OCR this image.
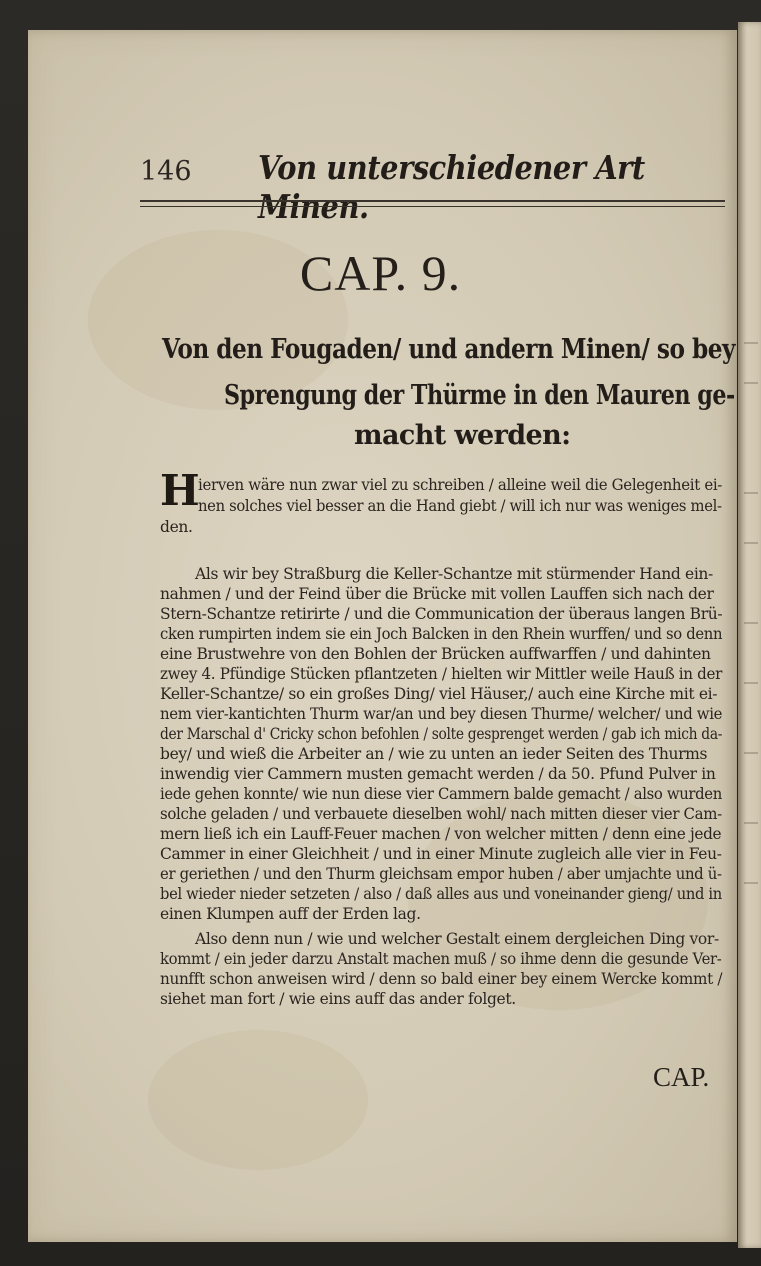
146 Von unterschiedener Art Minen.
CAP. 9.
Von den Fougaden/ und andern Minen/ so bey
Sprengung der Thürme in den Mauren ge-
macht werden:
H
ierven wäre nun zwar viel zu schreiben / alleine weil die Gelegenheit ei-
nen solches viel besser an die Hand giebt / will ich nur was weniges mel-
den.
Als wir bey Straßburg die Keller-Schantze mit stürmender Hand ein-
nahmen / und der Feind über die Brücke mit vollen Lauffen sich nach der
Stern-Schantze retirirte / und die Communication der überaus langen Brü-
cken rumpirten indem sie ein Joch Balcken in den Rhein wurffen/ und so denn
eine Brustwehre von den Bohlen der Brücken auffwarffen / und dahinten
zwey 4. Pfündige Stücken pflantzeten / hielten wir Mittler weile Hauß in der
Keller-Schantze/ so ein großes Ding/ viel Häuser,/ auch eine Kirche mit ei-
nem vier-kantichten Thurm war/an und bey diesen Thurme/ welcher/ und wie
der Marschal d' Cricky schon befohlen / solte gesprenget werden / gab ich mich da-
bey/ und wieß die Arbeiter an / wie zu unten an ieder Seiten des Thurms
inwendig vier Cammern musten gemacht werden / da 50. Pfund Pulver in
iede gehen konnte/ wie nun diese vier Cammern balde gemacht / also wurden
solche geladen / und verbauete dieselben wohl/ nach mitten dieser vier Cam-
mern ließ ich ein Lauff-Feuer machen / von welcher mitten / denn eine jede
Cammer in einer Gleichheit / und in einer Minute zugleich alle vier in Feu-
er geriethen / und den Thurm gleichsam empor huben / aber umjachte und ü-
bel wieder nieder setzeten / also / daß alles aus und voneinander gieng/ und in
einen Klumpen auff der Erden lag.
Also denn nun / wie und welcher Gestalt einem dergleichen Ding vor-
kommt / ein jeder darzu Anstalt machen muß / so ihme denn die gesunde Ver-
nunfft schon anweisen wird / denn so bald einer bey einem Wercke kommt /
siehet man fort / wie eins auff das ander folget.
CAP.
